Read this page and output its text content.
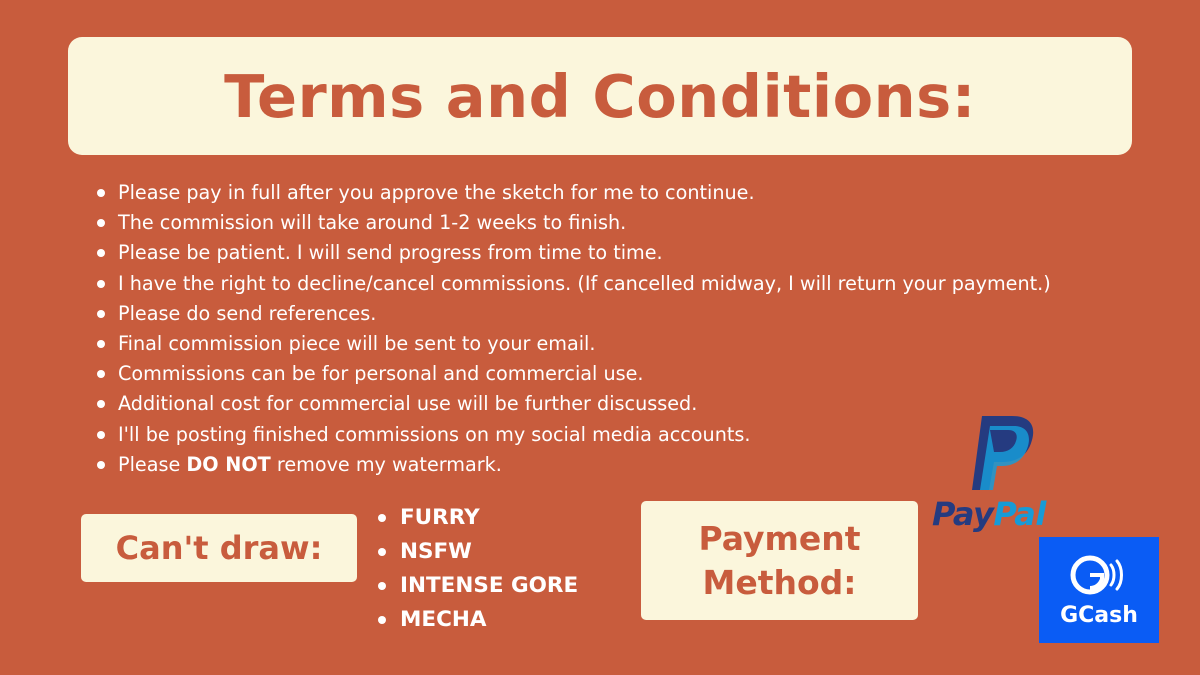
Terms and Conditions:
Please pay in full after you approve the sketch for me to continue.
The commission will take around 1-2 weeks to finish.
Please be patient. I will send progress from time to time.
I have the right to decline/cancel commissions. (If cancelled midway, I will return your payment.)
Please do send references.
Final commission piece will be sent to your email.
Commissions can be for personal and commercial use.
Additional cost for commercial use will be further discussed.
I'll be posting finished commissions on my social media accounts.
Please DO NOT remove my watermark.
Can't draw:
FURRY
NSFW
INTENSE GORE
MECHA
Payment
Method:
PayPal
GCash
